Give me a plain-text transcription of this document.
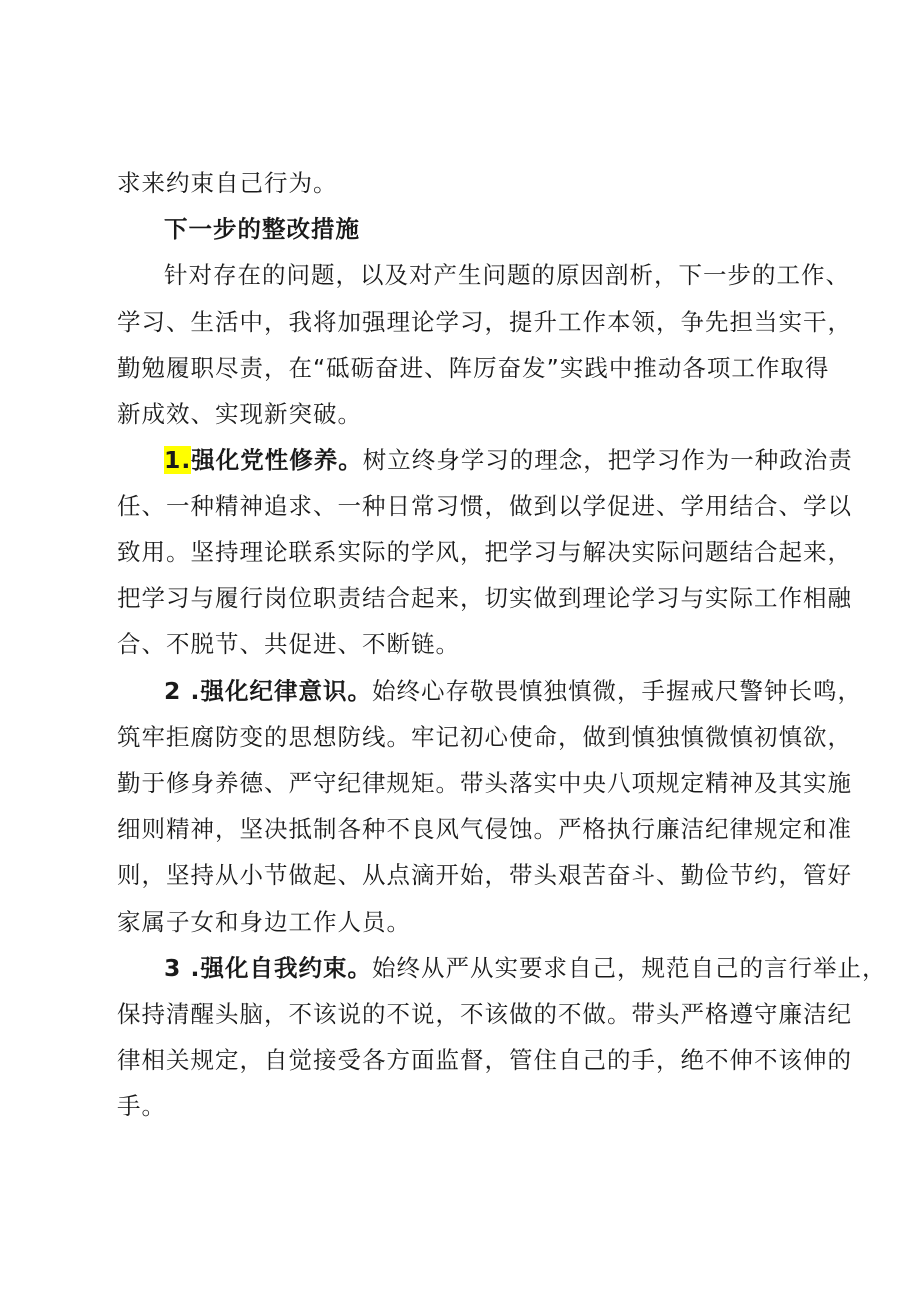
求来约束自己行为。
下一步的整改措施
针对存在的问题，以及对产生问题的原因剖析，下一步的工作、
学习、生活中，我将加强理论学习，提升工作本领，争先担当实干，
勤勉履职尽责，在“砥砺奋进、阵厉奋发”实践中推动各项工作取得
新成效、实现新突破。
1.强化党性修养。树立终身学习的理念，把学习作为一种政治责
任、一种精神追求、一种日常习惯，做到以学促进、学用结合、学以
致用。坚持理论联系实际的学风，把学习与解决实际问题结合起来，
把学习与履行岗位职责结合起来，切实做到理论学习与实际工作相融
合、不脱节、共促进、不断链。
2 .强化纪律意识。始终心存敬畏慎独慎微，手握戒尺警钟长鸣，
筑牢拒腐防变的思想防线。牢记初心使命，做到慎独慎微慎初慎欲，
勤于修身养德、严守纪律规矩。带头落实中央八项规定精神及其实施
细则精神，坚决抵制各种不良风气侵蚀。严格执行廉洁纪律规定和准
则，坚持从小节做起、从点滴开始，带头艰苦奋斗、勤俭节约，管好
家属子女和身边工作人员。
3 .强化自我约束。始终从严从实要求自己，规范自己的言行举止，
保持清醒头脑，不该说的不说，不该做的不做。带头严格遵守廉洁纪
律相关规定，自觉接受各方面监督，管住自己的手，绝不伸不该伸的
手。
